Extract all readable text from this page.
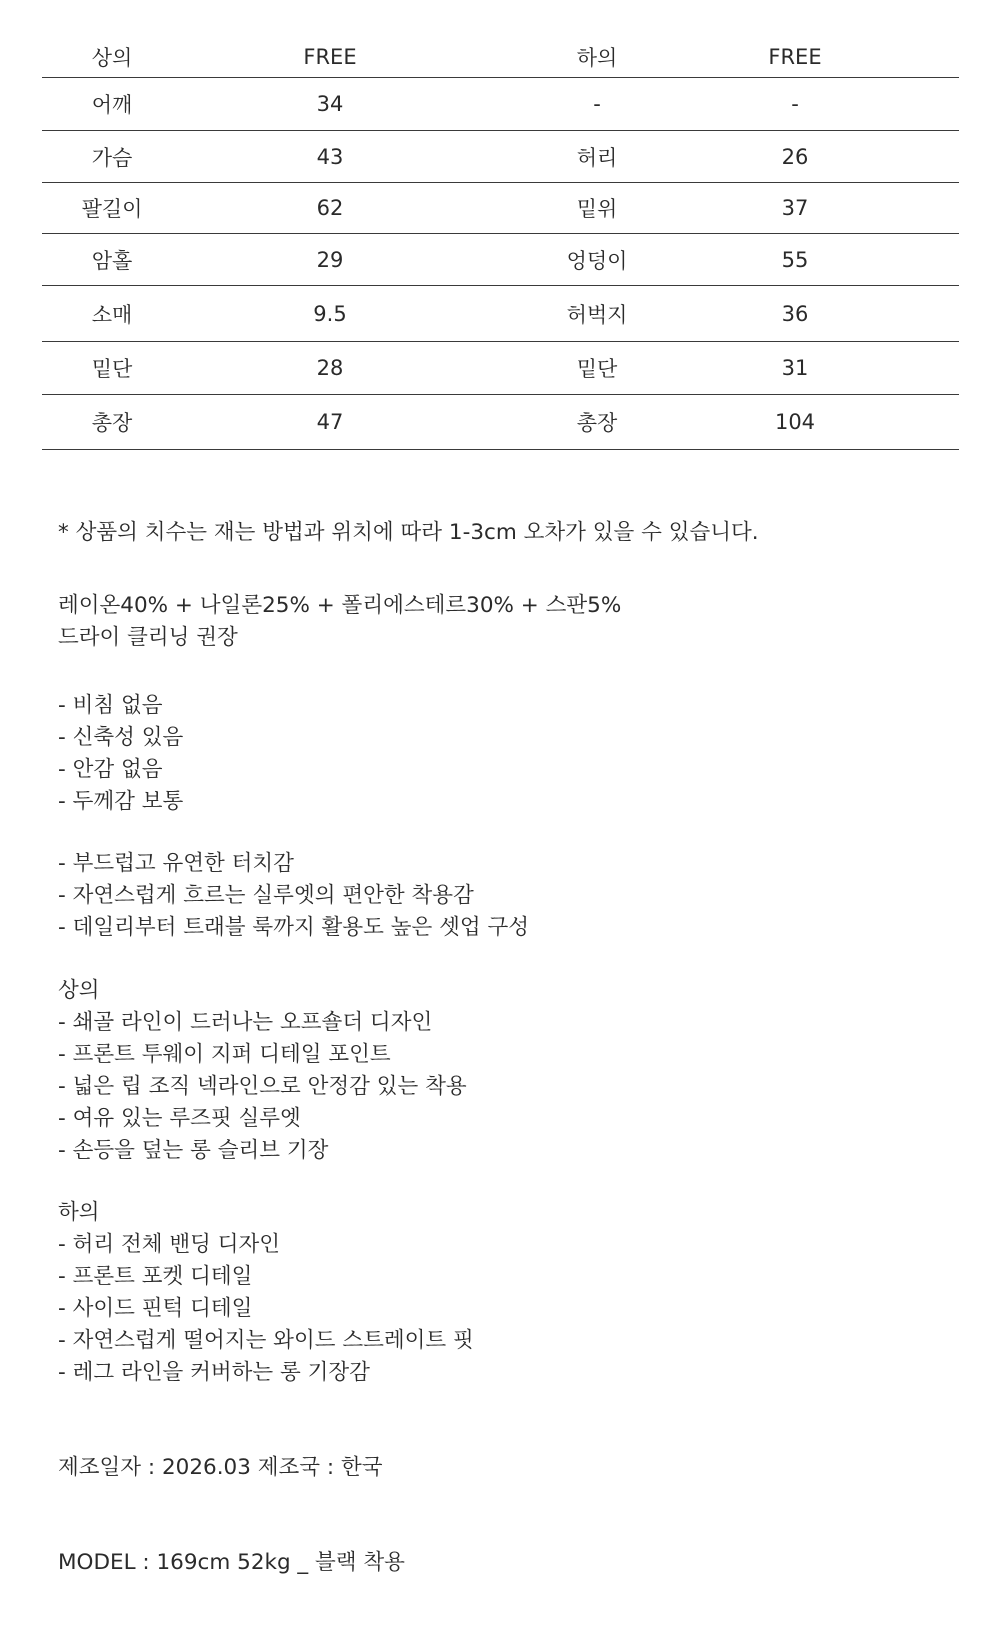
상의	FREE	하의	FREE
어깨	34	-	-
가슴	43	허리	26
팔길이	62	밑위	37
암홀	29	엉덩이	55
소매	9.5	허벅지	36
밑단	28	밑단	31
총장	47	총장	104
* 상품의 치수는 재는 방법과 위치에 따라 1-3cm 오차가 있을 수 있습니다.
레이온40% + 나일론25% + 폴리에스테르30% + 스판5%
드라이 클리닝 권장
- 비침 없음
- 신축성 있음
- 안감 없음
- 두께감 보통
- 부드럽고 유연한 터치감
- 자연스럽게 흐르는 실루엣의 편안한 착용감
- 데일리부터 트래블 룩까지 활용도 높은 셋업 구성
상의
- 쇄골 라인이 드러나는 오프숄더 디자인
- 프론트 투웨이 지퍼 디테일 포인트
- 넓은 립 조직 넥라인으로 안정감 있는 착용
- 여유 있는 루즈핏 실루엣
- 손등을 덮는 롱 슬리브 기장
하의
- 허리 전체 밴딩 디자인
- 프론트 포켓 디테일
- 사이드 핀턱 디테일
- 자연스럽게 떨어지는 와이드 스트레이트 핏
- 레그 라인을 커버하는 롱 기장감
제조일자 : 2026.03 제조국 : 한국
MODEL : 169cm 52kg _ 블랙 착용
